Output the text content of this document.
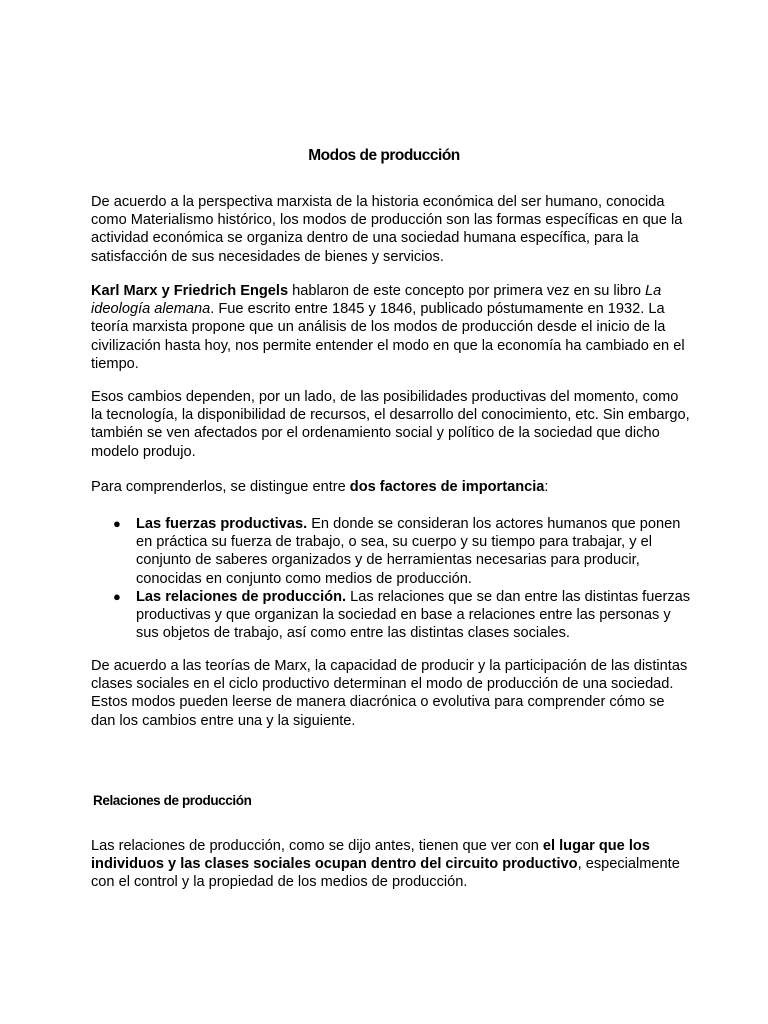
Modos de producción

De acuerdo a la perspectiva marxista de la historia económica del ser humano, conocida como Materialismo histórico, los modos de producción son las formas específicas en que la actividad económica se organiza dentro de una sociedad humana específica, para la satisfacción de sus necesidades de bienes y servicios.

Karl Marx y Friedrich Engels hablaron de este concepto por primera vez en su libro La ideología alemana. Fue escrito entre 1845 y 1846, publicado póstumamente en 1932. La teoría marxista propone que un análisis de los modos de producción desde el inicio de la civilización hasta hoy, nos permite entender el modo en que la economía ha cambiado en el tiempo.

Esos cambios dependen, por un lado, de las posibilidades productivas del momento, como la tecnología, la disponibilidad de recursos, el desarrollo del conocimiento, etc. Sin embargo, también se ven afectados por el ordenamiento social y político de la sociedad que dicho modelo produjo.

Para comprenderlos, se distingue entre dos factores de importancia:

● Las fuerzas productivas. En donde se consideran los actores humanos que ponen en práctica su fuerza de trabajo, o sea, su cuerpo y su tiempo para trabajar, y el conjunto de saberes organizados y de herramientas necesarias para producir, conocidas en conjunto como medios de producción.
● Las relaciones de producción. Las relaciones que se dan entre las distintas fuerzas productivas y que organizan la sociedad en base a relaciones entre las personas y sus objetos de trabajo, así como entre las distintas clases sociales.

De acuerdo a las teorías de Marx, la capacidad de producir y la participación de las distintas clases sociales en el ciclo productivo determinan el modo de producción de una sociedad. Estos modos pueden leerse de manera diacrónica o evolutiva para comprender cómo se dan los cambios entre una y la siguiente.

Relaciones de producción

Las relaciones de producción, como se dijo antes, tienen que ver con el lugar que los individuos y las clases sociales ocupan dentro del circuito productivo, especialmente con el control y la propiedad de los medios de producción.
